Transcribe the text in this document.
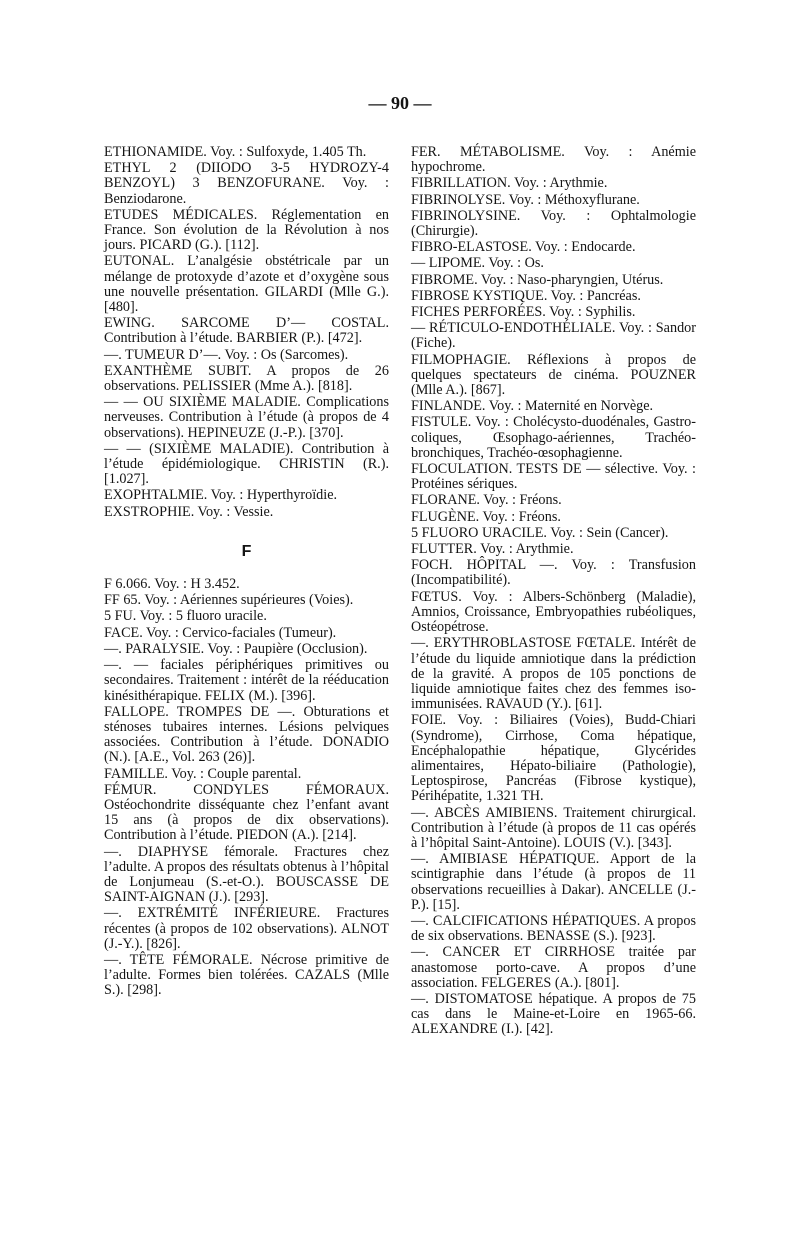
— 90 —

ETHIONAMIDE. Voy. : Sulfoxyde, 1.405 Th.

ETHYL 2 (DIIODO 3-5 HYDROZY-4 BENZOYL) 3 BENZOFURANE. Voy. : Benziodarone.

ETUDES MÉDICALES. Réglementation en France. Son évolution de la Révolution à nos jours. PICARD (G.). [112].

EUTONAL. L’analgésie obstétricale par un mélange de protoxyde d’azote et d’oxygène sous une nouvelle présentation. GILARDI (Mlle G.). [480].

EWING. SARCOME D’— COSTAL. Contribution à l’étude. BARBIER (P.). [472].

—. TUMEUR D’—. Voy. : Os (Sarcomes).

EXANTHÈME SUBIT. A propos de 26 observations. PELISSIER (Mme A.). [818].

— — OU SIXIÈME MALADIE. Complications nerveuses. Contribution à l’étude (à propos de 4 observations). HEPINEUZE (J.-P.). [370].

— — (SIXIÈME MALADIE). Contribution à l’étude épidémiologique. CHRISTIN (R.). [1.027].

EXOPHTALMIE. Voy. : Hyperthyroïdie.

EXSTROPHIE. Voy. : Vessie.

F

F 6.066. Voy. : H 3.452.

FF 65. Voy. : Aériennes supérieures (Voies).

5 FU. Voy. : 5 fluoro uracile.

FACE. Voy. : Cervico-faciales (Tumeur).

—. PARALYSIE. Voy. : Paupière (Occlusion).

—. — faciales périphériques primitives ou secondaires. Traitement : intérêt de la rééducation kinésithérapique. FELIX (M.). [396].

FALLOPE. TROMPES DE —. Obturations et sténoses tubaires internes. Lésions pelviques associées. Contribution à l’étude. DONADIO (N.). [A.E., Vol. 263 (26)].

FAMILLE. Voy. : Couple parental.

FÉMUR. CONDYLES FÉMORAUX. Ostéochondrite disséquante chez l’enfant avant 15 ans (à propos de dix observations). Contribution à l’étude. PIEDON (A.). [214].

—. DIAPHYSE fémorale. Fractures chez l’adulte. A propos des résultats obtenus à l’hôpital de Lonjumeau (S.-et-O.). BOUSCASSE DE SAINT-AIGNAN (J.). [293].

—. EXTRÉMITÉ INFÉRIEURE. Fractures récentes (à propos de 102 observations). ALNOT (J.-Y.). [826].

—. TÊTE FÉMORALE. Nécrose primitive de l’adulte. Formes bien tolérées. CAZALS (Mlle S.). [298].

FER. MÉTABOLISME. Voy. : Anémie hypochrome.

FIBRILLATION. Voy. : Arythmie.

FIBRINOLYSE. Voy. : Méthoxyflurane.

FIBRINOLYSINE. Voy. : Ophtalmologie (Chirurgie).

FIBRO-ELASTOSE. Voy. : Endocarde.

— LIPOME. Voy. : Os.

FIBROME. Voy. : Naso-pharyngien, Utérus.

FIBROSE KYSTIQUE. Voy. : Pancréas.

FICHES PERFORÉES. Voy. : Syphilis.

— RÉTICULO-ENDOTHÉLIALE. Voy. : Sandor (Fiche).

FILMOPHAGIE. Réflexions à propos de quelques spectateurs de cinéma. POUZNER (Mlle A.). [867].

FINLANDE. Voy. : Maternité en Norvège.

FISTULE. Voy. : Cholécysto-duodénales, Gastro-coliques, Œsophago-aériennes, Trachéo-bronchiques, Trachéo-œsophagienne.

FLOCULATION. TESTS DE — sélective. Voy. : Protéines sériques.

FLORANE. Voy. : Fréons.

FLUGÈNE. Voy. : Fréons.

5 FLUORO URACILE. Voy. : Sein (Cancer).

FLUTTER. Voy. : Arythmie.

FOCH. HÔPITAL —. Voy. : Transfusion (Incompatibilité).

FŒTUS. Voy. : Albers-Schönberg (Maladie), Amnios, Croissance, Embryopathies rubéoliques, Ostéopétrose.

—. ERYTHROBLASTOSE FŒTALE. Intérêt de l’étude du liquide amniotique dans la prédiction de la gravité. A propos de 105 ponctions de liquide amniotique faites chez des femmes iso-immunisées. RAVAUD (Y.). [61].

FOIE. Voy. : Biliaires (Voies), Budd-Chiari (Syndrome), Cirrhose, Coma hépatique, Encéphalopathie hépatique, Glycérides alimentaires, Hépato-biliaire (Pathologie), Leptospirose, Pancréas (Fibrose kystique), Périhépatite, 1.321 TH.

—. ABCÈS AMIBIENS. Traitement chirurgical. Contribution à l’étude (à propos de 11 cas opérés à l’hôpital Saint-Antoine). LOUIS (V.). [343].

—. AMIBIASE HÉPATIQUE. Apport de la scintigraphie dans l’étude (à propos de 11 observations recueillies à Dakar). ANCELLE (J.-P.). [15].

—. CALCIFICATIONS HÉPATIQUES. A propos de six observations. BENASSE (S.). [923].

—. CANCER ET CIRRHOSE traitée par anastomose porto-cave. A propos d’une association. FELGERES (A.). [801].

—. DISTOMATOSE hépatique. A propos de 75 cas dans le Maine-et-Loire en 1965-66. ALEXANDRE (I.). [42].
